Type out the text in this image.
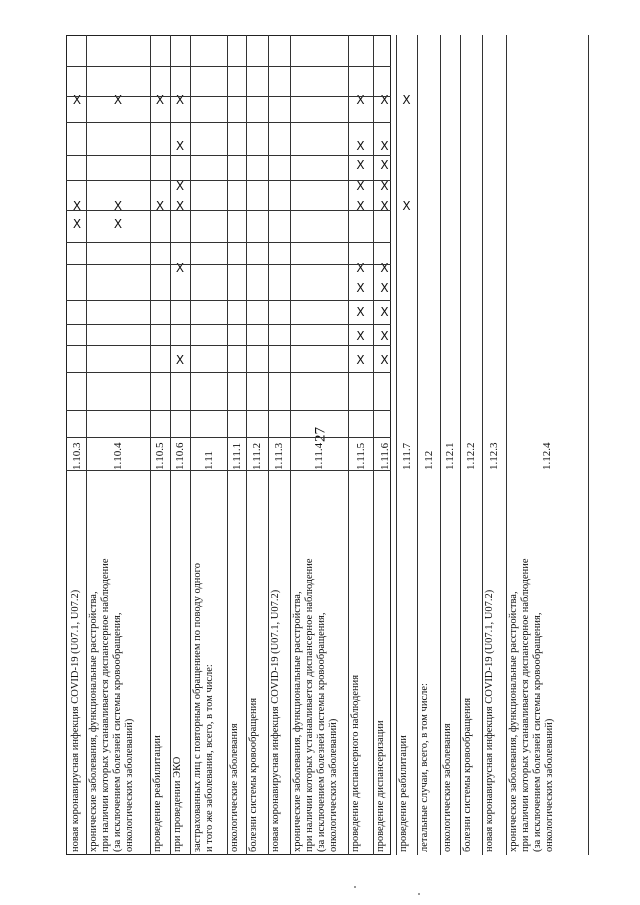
27
новая коронавирусная инфекция COVID-19 (U07.1, U07.2)
1.10.3
X
X
X
хронические заболевания, функциональные расстройства,
при наличии которых устанавливается диспансерное наблюдение
(за исключением болезней системы кровообращения,
онкологических заболеваний)
1.10.4
X
X
X
проведение реабилитации
1.10.5
X
X
при проведении ЭКО
1.10.6
X
X
X
X
X
X
застрахованных лиц с повторным обращением по поводу одного
и того же заболевания, всего, в том числе:
1.11
онкологические заболевания
1.11.1
болезни системы кровообращения
1.11.2
новая коронавирусная инфекция COVID-19 (U07.1, U07.2)
1.11.3
хронические заболевания, функциональные расстройства,
при наличии которых устанавливается диспансерное наблюдение
(за исключением болезней системы кровообращения,
онкологических заболеваний)
1.11.4
проведение диспансерного наблюдения
1.11.5
X
X
X
X
X
X
X
X
X
X
проведение диспансеризации
1.11.6
X
X
X
X
X
X
X
X
X
X
проведение реабилитации
1.11.7
X
X
летальные случаи, всего, в том числе:
1.12
онкологические заболевания
1.12.1
болезни системы кровообращения
1.12.2
новая коронавирусная инфекция COVID-19 (U07.1, U07.2)
1.12.3
хронические заболевания, функциональные расстройства,
при наличии которых устанавливается диспансерное наблюдение
(за исключением болезней системы кровообращения,
онкологических заболеваний)
1.12.4
